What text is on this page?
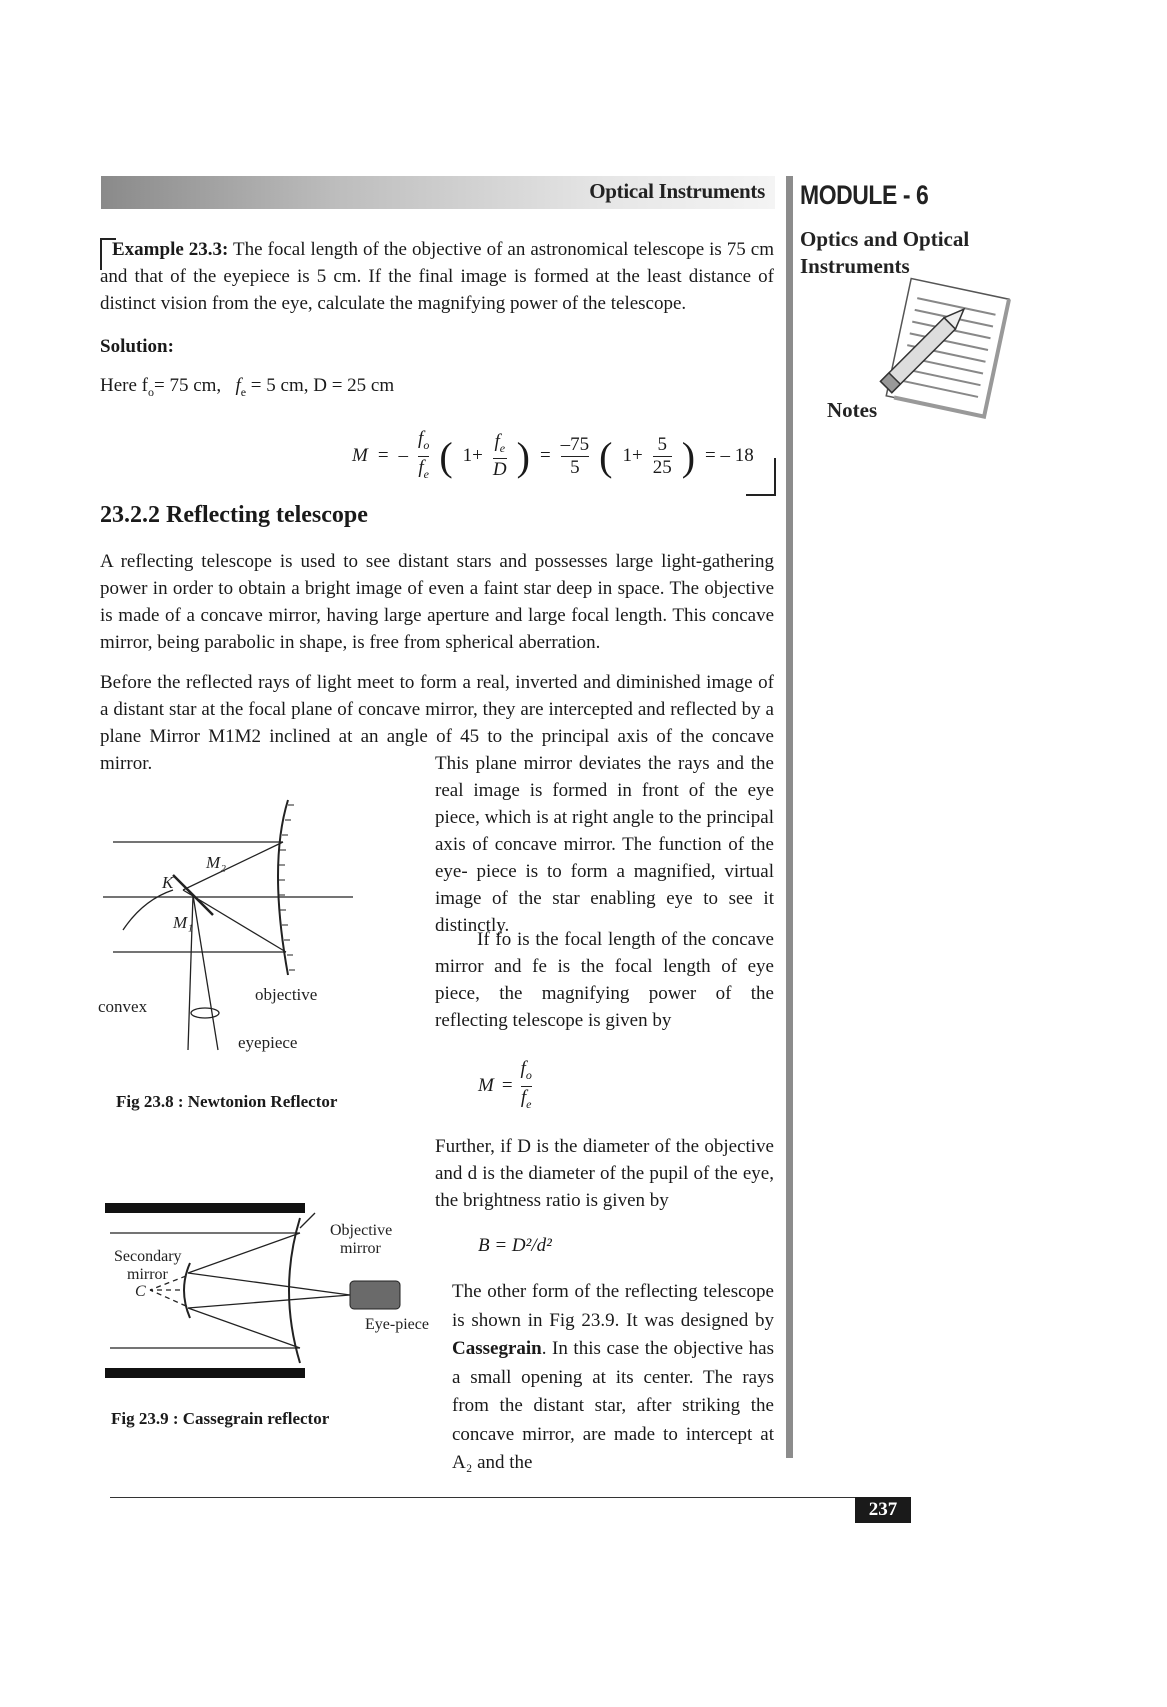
Optical Instruments MODULE - 6
Optics and Optical Instruments
Notes
Example 23.3: The focal length of the objective of an astronomical telescope is 75 cm and that of the eyepiece is 5 cm. If the final image is formed at the least distance of distinct vision from the eye, calculate the magnifying power of the telescope.
Solution:
Here $f_o= 75$ cm, $f_e = 5$ cm, D = 25 cm
M = – $\frac{f_o}{f_e}$ ( $1+ \frac{f_e}{D}$ ) = $\frac{-75}{5}$ ( $1+ \frac{5}{25}$ ) = – 18
23.2.2 Reflecting telescope
A reflecting telescope is used to see distant stars and possesses large light-gathering power in order to obtain a bright image of even a faint star deep in space. The objective is made of a concave mirror, having large aperture and large focal length. This concave mirror, being parabolic in shape, is free from spherical aberration.
Before the reflected rays of light meet to form a real, inverted and diminished image of a distant star at the focal plane of concave mirror, they are intercepted and reflected by a plane Mirror M1M2 inclined at an angle of 45 to the principal axis of the concave mirror.	This plane mirror deviates the rays and the real image is formed in front of the eye piece, which is at right angle to the principal axis of concave mirror. The function of the eye- piece is to form a magnified, virtual image of the star enabling eye to see it distinctly.
If fo is the focal length of the concave mirror and fe is the focal length of eye piece, the magnifying power of the reflecting telescope is given by
$M = \frac{f_o}{f_e}$
Further, if D is the diameter of the objective and d is the diameter of the pupil of the eye, the brightness ratio is given by
B = D²/d²
The other form of the reflecting telescope is shown in Fig 23.9. It was designed by Cassegrain. In this case the objective has a small opening at its center. The rays from the distant star, after striking the concave mirror, are made to intercept at A₂ and the
K
M₂
M₁
convex
objective
eyepiece
Fig 23.8 : Newtonion Reflector
Secondary
mirror
C
Objective
mirror
Eye-piece
Fig 23.9 : Cassegrain reflector
237
